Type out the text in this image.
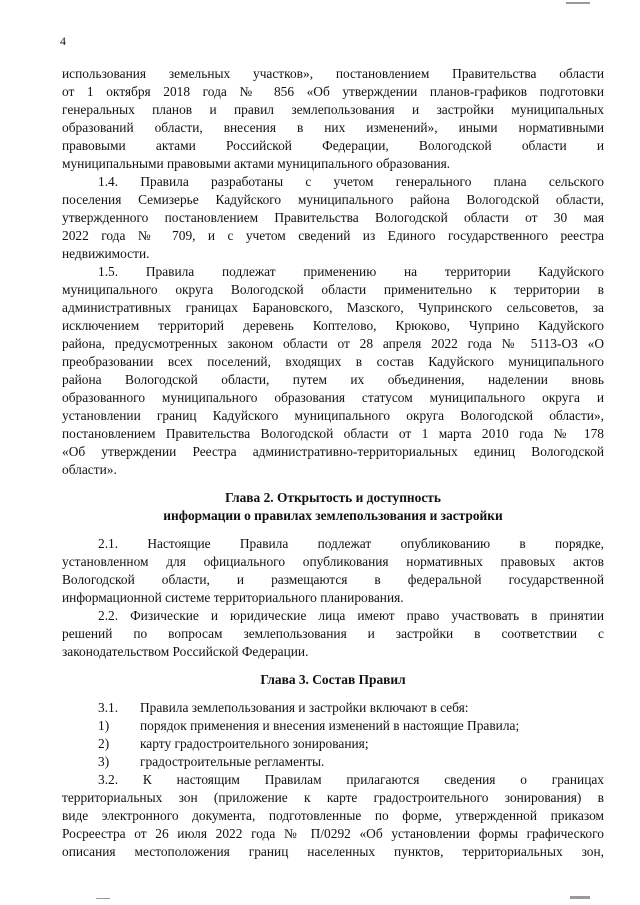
4
использования земельных участков», постановлением Правительства области
от 1 октября 2018 года № 856 «Об утверждении планов-графиков подготовки
генеральных планов и правил землепользования и застройки муниципальных
образований области, внесения в них изменений», иными нормативными
правовыми актами Российской Федерации, Вологодской области и
муниципальными правовыми актами муниципального образования.
1.4. Правила разработаны с учетом генерального плана сельского
поселения Семизерье Кадуйского муниципального района Вологодской области,
утвержденного постановлением Правительства Вологодской области от 30 мая
2022 года № 709, и с учетом сведений из Единого государственного реестра
недвижимости.
1.5. Правила подлежат применению на территории Кадуйского
муниципального округа Вологодской области применительно к территории в
административных границах Барановского, Мазского, Чупринского сельсоветов, за
исключением территорий деревень Коптелово, Крюково, Чуприно Кадуйского
района, предусмотренных законом области от 28 апреля 2022 года № 5113-ОЗ «О
преобразовании всех поселений, входящих в состав Кадуйского муниципального
района Вологодской области, путем их объединения, наделении вновь
образованного муниципального образования статусом муниципального округа и
установлении границ Кадуйского муниципального округа Вологодской области»,
постановлением Правительства Вологодской области от 1 марта 2010 года № 178
«Об утверждении Реестра административно-территориальных единиц Вологодской
области».
Глава 2. Открытость и доступность
информации о правилах землепользования и застройки
2.1. Настоящие Правила подлежат опубликованию в порядке,
установленном для официального опубликования нормативных правовых актов
Вологодской области, и размещаются в федеральной государственной
информационной системе территориального планирования.
2.2. Физические и юридические лица имеют право участвовать в принятии
решений по вопросам землепользования и застройки в соответствии с
законодательством Российской Федерации.
Глава 3. Состав Правил
3.1. Правила землепользования и застройки включают в себя:
1) порядок применения и внесения изменений в настоящие Правила;
2) карту градостроительного зонирования;
3) градостроительные регламенты.
3.2. К настоящим Правилам прилагаются сведения о границах
территориальных зон (приложение к карте градостроительного зонирования) в
виде электронного документа, подготовленные по форме, утвержденной приказом
Росреестра от 26 июля 2022 года № П/0292 «Об установлении формы графического
описания местоположения границ населенных пунктов, территориальных зон,
